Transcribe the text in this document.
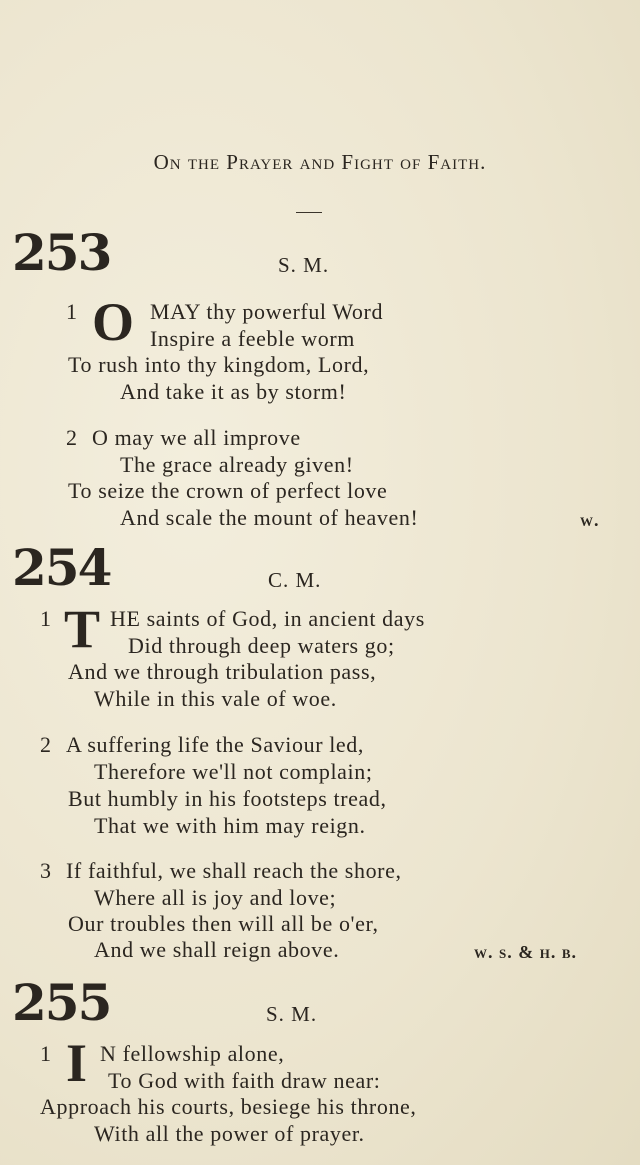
On the Prayer and Fight of Faith.
253	S. M.
1 O MAY thy powerful Word
Inspire a feeble worm
To rush into thy kingdom, Lord,
And take it as by storm!
2 O may we all improve
The grace already given!
To seize the crown of perfect love
And scale the mount of heaven!	w.
254	C. M.
1 T HE saints of God, in ancient days
Did through deep waters go;
And we through tribulation pass,
While in this vale of woe.
2 A suffering life the Saviour led,
Therefore we'll not complain;
But humbly in his footsteps tread,
That we with him may reign.
3 If faithful, we shall reach the shore,
Where all is joy and love;
Our troubles then will all be o'er,
And we shall reign above.	w. s. & h. b.
255	S. M.
1 I N fellowship alone,
To God with faith draw near:
Approach his courts, besiege his throne,
With all the power of prayer.
